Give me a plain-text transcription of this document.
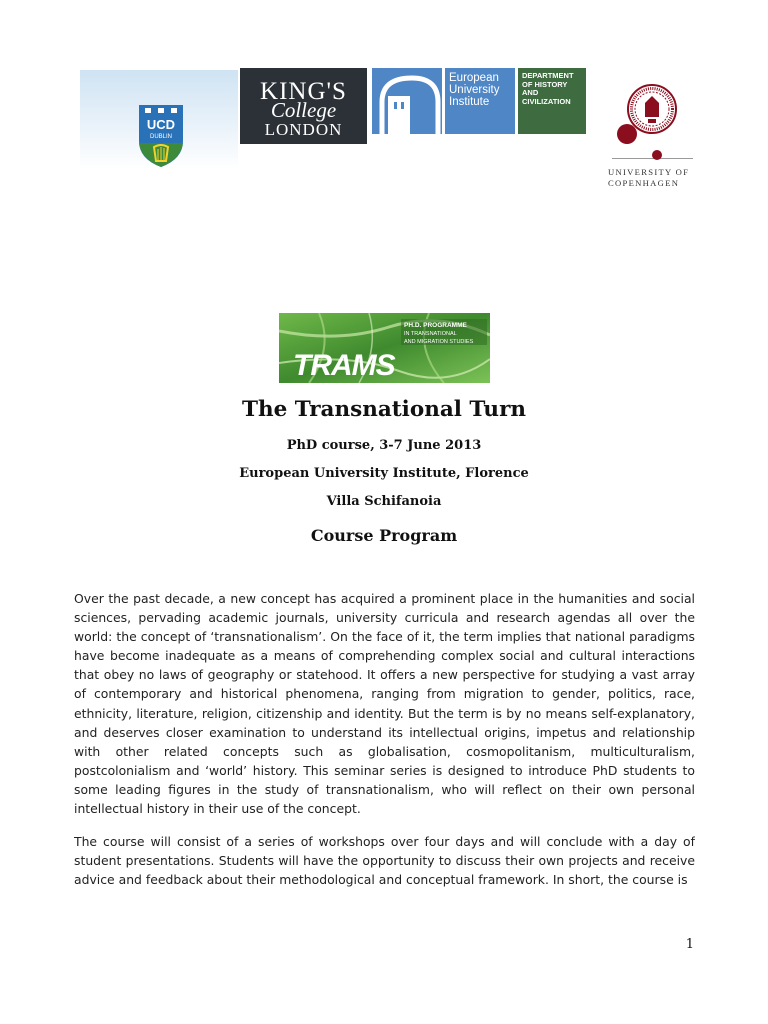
UCD
DUBLIN
KING'S
College
LONDON
European
University
Institute
DEPARTMENT
OF HISTORY
AND
CIVILIZATION
UNIVERSITY OF
COPENHAGEN
TRAMS
PH.D. PROGRAMME
IN TRANSNATIONAL
AND MIGRATION STUDIES
The Transnational Turn
PhD course, 3-7 June 2013
European University Institute, Florence
Villa Schifanoia
Course Program

Over the past decade, a new concept has acquired a prominent place in the humanities and social sciences, pervading academic journals, university curricula and research agendas all over the world: the concept of ‘transnationalism’. On the face of it, the term implies that national paradigms have become inadequate as a means of comprehending complex social and cultural interactions that obey no laws of geography or statehood. It offers a new perspective for studying a vast array of contemporary and historical phenomena, ranging from migration to gender, politics, race, ethnicity, literature, religion, citizenship and identity. But the term is by no means self-explanatory, and deserves closer examination to understand its intellectual origins, impetus and relationship with other related concepts such as globalisation, cosmopolitanism, multiculturalism, postcolonialism and ‘world’ history. This seminar series is designed to introduce PhD students to some leading figures in the study of transnationalism, who will reflect on their own personal intellectual history in their use of the concept.

The course will consist of a series of workshops over four days and will conclude with a day of student presentations. Students will have the opportunity to discuss their own projects and receive advice and feedback about their methodological and conceptual framework. In short, the course is

1
